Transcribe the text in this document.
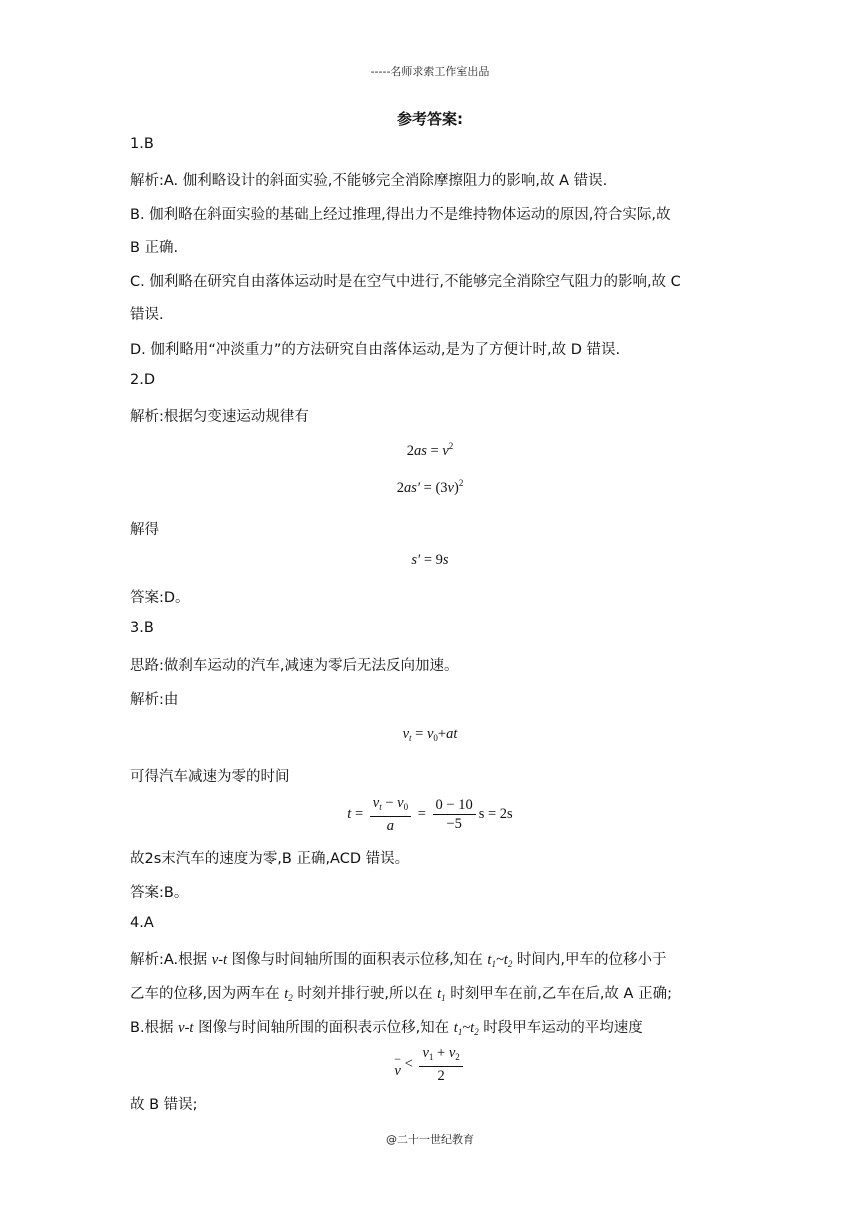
-----名师求索工作室出品
参考答案:
1.B
解析:A. 伽利略设计的斜面实验,不能够完全消除摩擦阻力的影响,故 A 错误.
B. 伽利略在斜面实验的基础上经过推理,得出力不是维持物体运动的原因,符合实际,故
B 正确.
C. 伽利略在研究自由落体运动时是在空气中进行,不能够完全消除空气阻力的影响,故 C
错误.
D. 伽利略用“冲淡重力”的方法研究自由落体运动,是为了方便计时,故 D 错误.
2.D
解析:根据匀变速运动规律有
$2as = v^2$
$2as' = (3v)^2$
解得
s′ = 9s
答案:D。
3.B
思路:做刹车运动的汽车,减速为零后无法反向加速。
解析:由
$v_t = v_0+at$
可得汽车减速为零的时间
$t = \frac{v_t - v_0}{a} = \frac{0 - 10}{-5}$ s = 2s
故2s末汽车的速度为零,B 正确,ACD 错误。
答案:B。
4.A
解析:A.根据 v-t 图像与时间轴所围的面积表示位移,知在 $t_1\sim t_2$ 时间内,甲车的位移小于
乙车的位移,因为两车在 $t_2$ 时刻并排行驶,所以在 $t_1$ 时刻甲车在前,乙车在后,故 A 正确;
B.根据 v-t 图像与时间轴所围的面积表示位移,知在 $t_1\sim t_2$ 时段甲车运动的平均速度
−
$v < \frac{v_1 + v_2}{2}$
故 B 错误;
@二十一世纪教育
